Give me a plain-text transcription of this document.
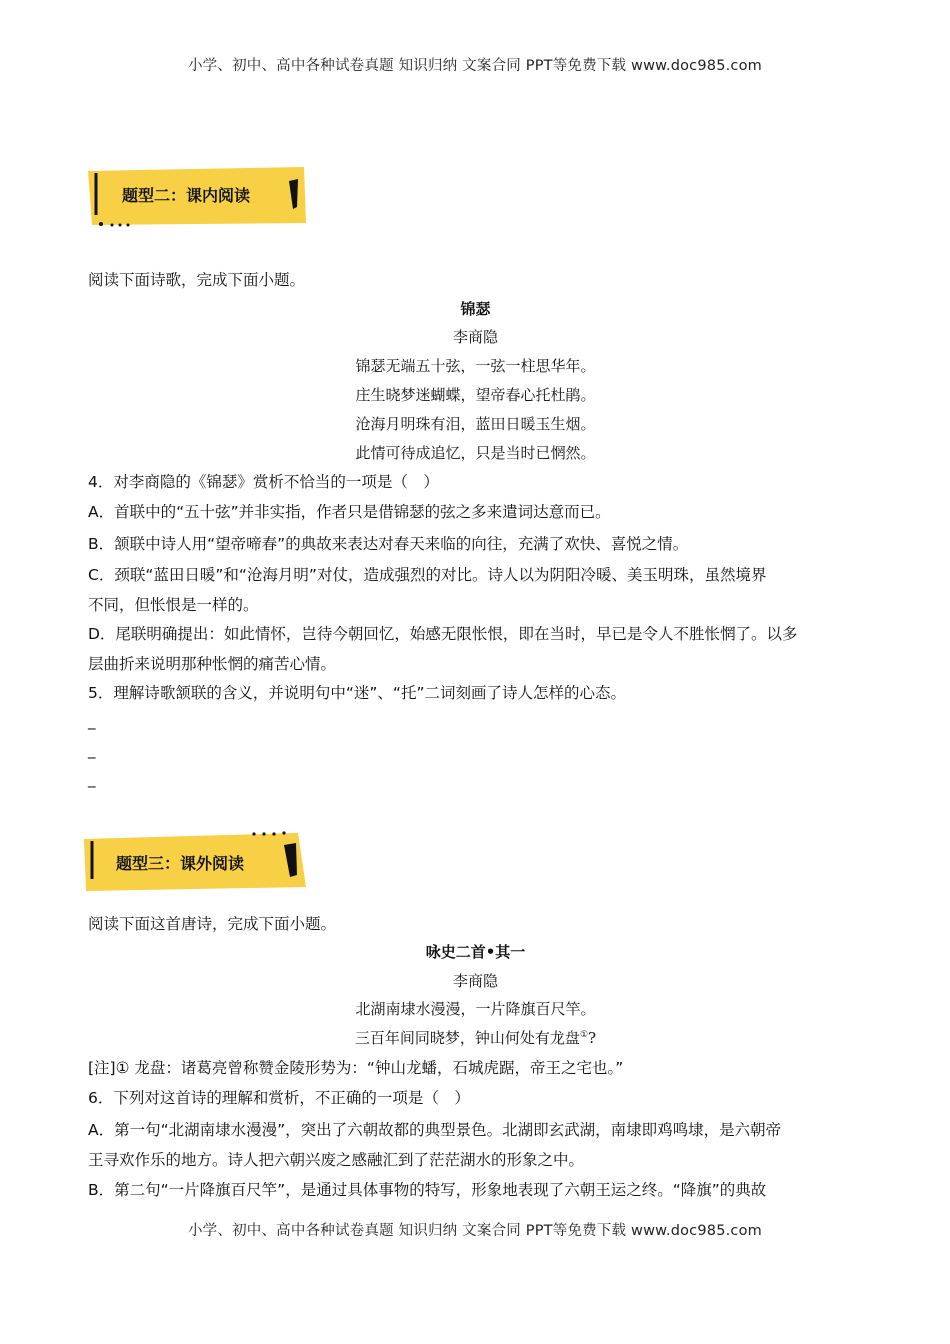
小学、初中、高中各种试卷真题 知识归纳 文案合同 PPT等免费下载 www.doc985.com
题型二：课内阅读
阅读下面诗歌，完成下面小题。
锦瑟
李商隐
锦瑟无端五十弦，一弦一柱思华年。
庄生晓梦迷蝴蝶，望帝春心托杜鹃。
沧海月明珠有泪，蓝田日暖玉生烟。
此情可待成追忆，只是当时已惘然。
4．对李商隐的《锦瑟》赏析不恰当的一项是（　）
A．首联中的“五十弦”并非实指，作者只是借锦瑟的弦之多来遣词达意而已。
B．颔联中诗人用“望帝啼春”的典故来表达对春天来临的向往，充满了欢快、喜悦之情。
C．颈联“蓝田日暖”和“沧海月明”对仗，造成强烈的对比。诗人以为阴阳冷暖、美玉明珠，虽然境界
不同，但怅恨是一样的。
D．尾联明确提出：如此情怀，岂待今朝回忆，始感无限怅恨，即在当时，早已是令人不胜怅惘了。以多
层曲折来说明那种怅惘的痛苦心情。
5．理解诗歌颔联的含义，并说明句中“迷”、“托”二词刻画了诗人怎样的心态。
_
_
_
题型三：课外阅读
阅读下面这首唐诗，完成下面小题。
咏史二首•其一
李商隐
北湖南埭水漫漫，一片降旗百尺竿。
三百年间同晓梦，钟山何处有龙盘①?
[注]① 龙盘：诸葛亮曾称赞金陵形势为：“钟山龙蟠，石城虎踞，帝王之宅也。”
6．下列对这首诗的理解和赏析，不正确的一项是（　）
A．第一句“北湖南埭水漫漫”，突出了六朝故都的典型景色。北湖即玄武湖，南埭即鸡鸣埭，是六朝帝
王寻欢作乐的地方。诗人把六朝兴废之感融汇到了茫茫湖水的形象之中。
B．第二句“一片降旗百尺竿”，是通过具体事物的特写，形象地表现了六朝王运之终。“降旗”的典故
小学、初中、高中各种试卷真题 知识归纳 文案合同 PPT等免费下载 www.doc985.com
